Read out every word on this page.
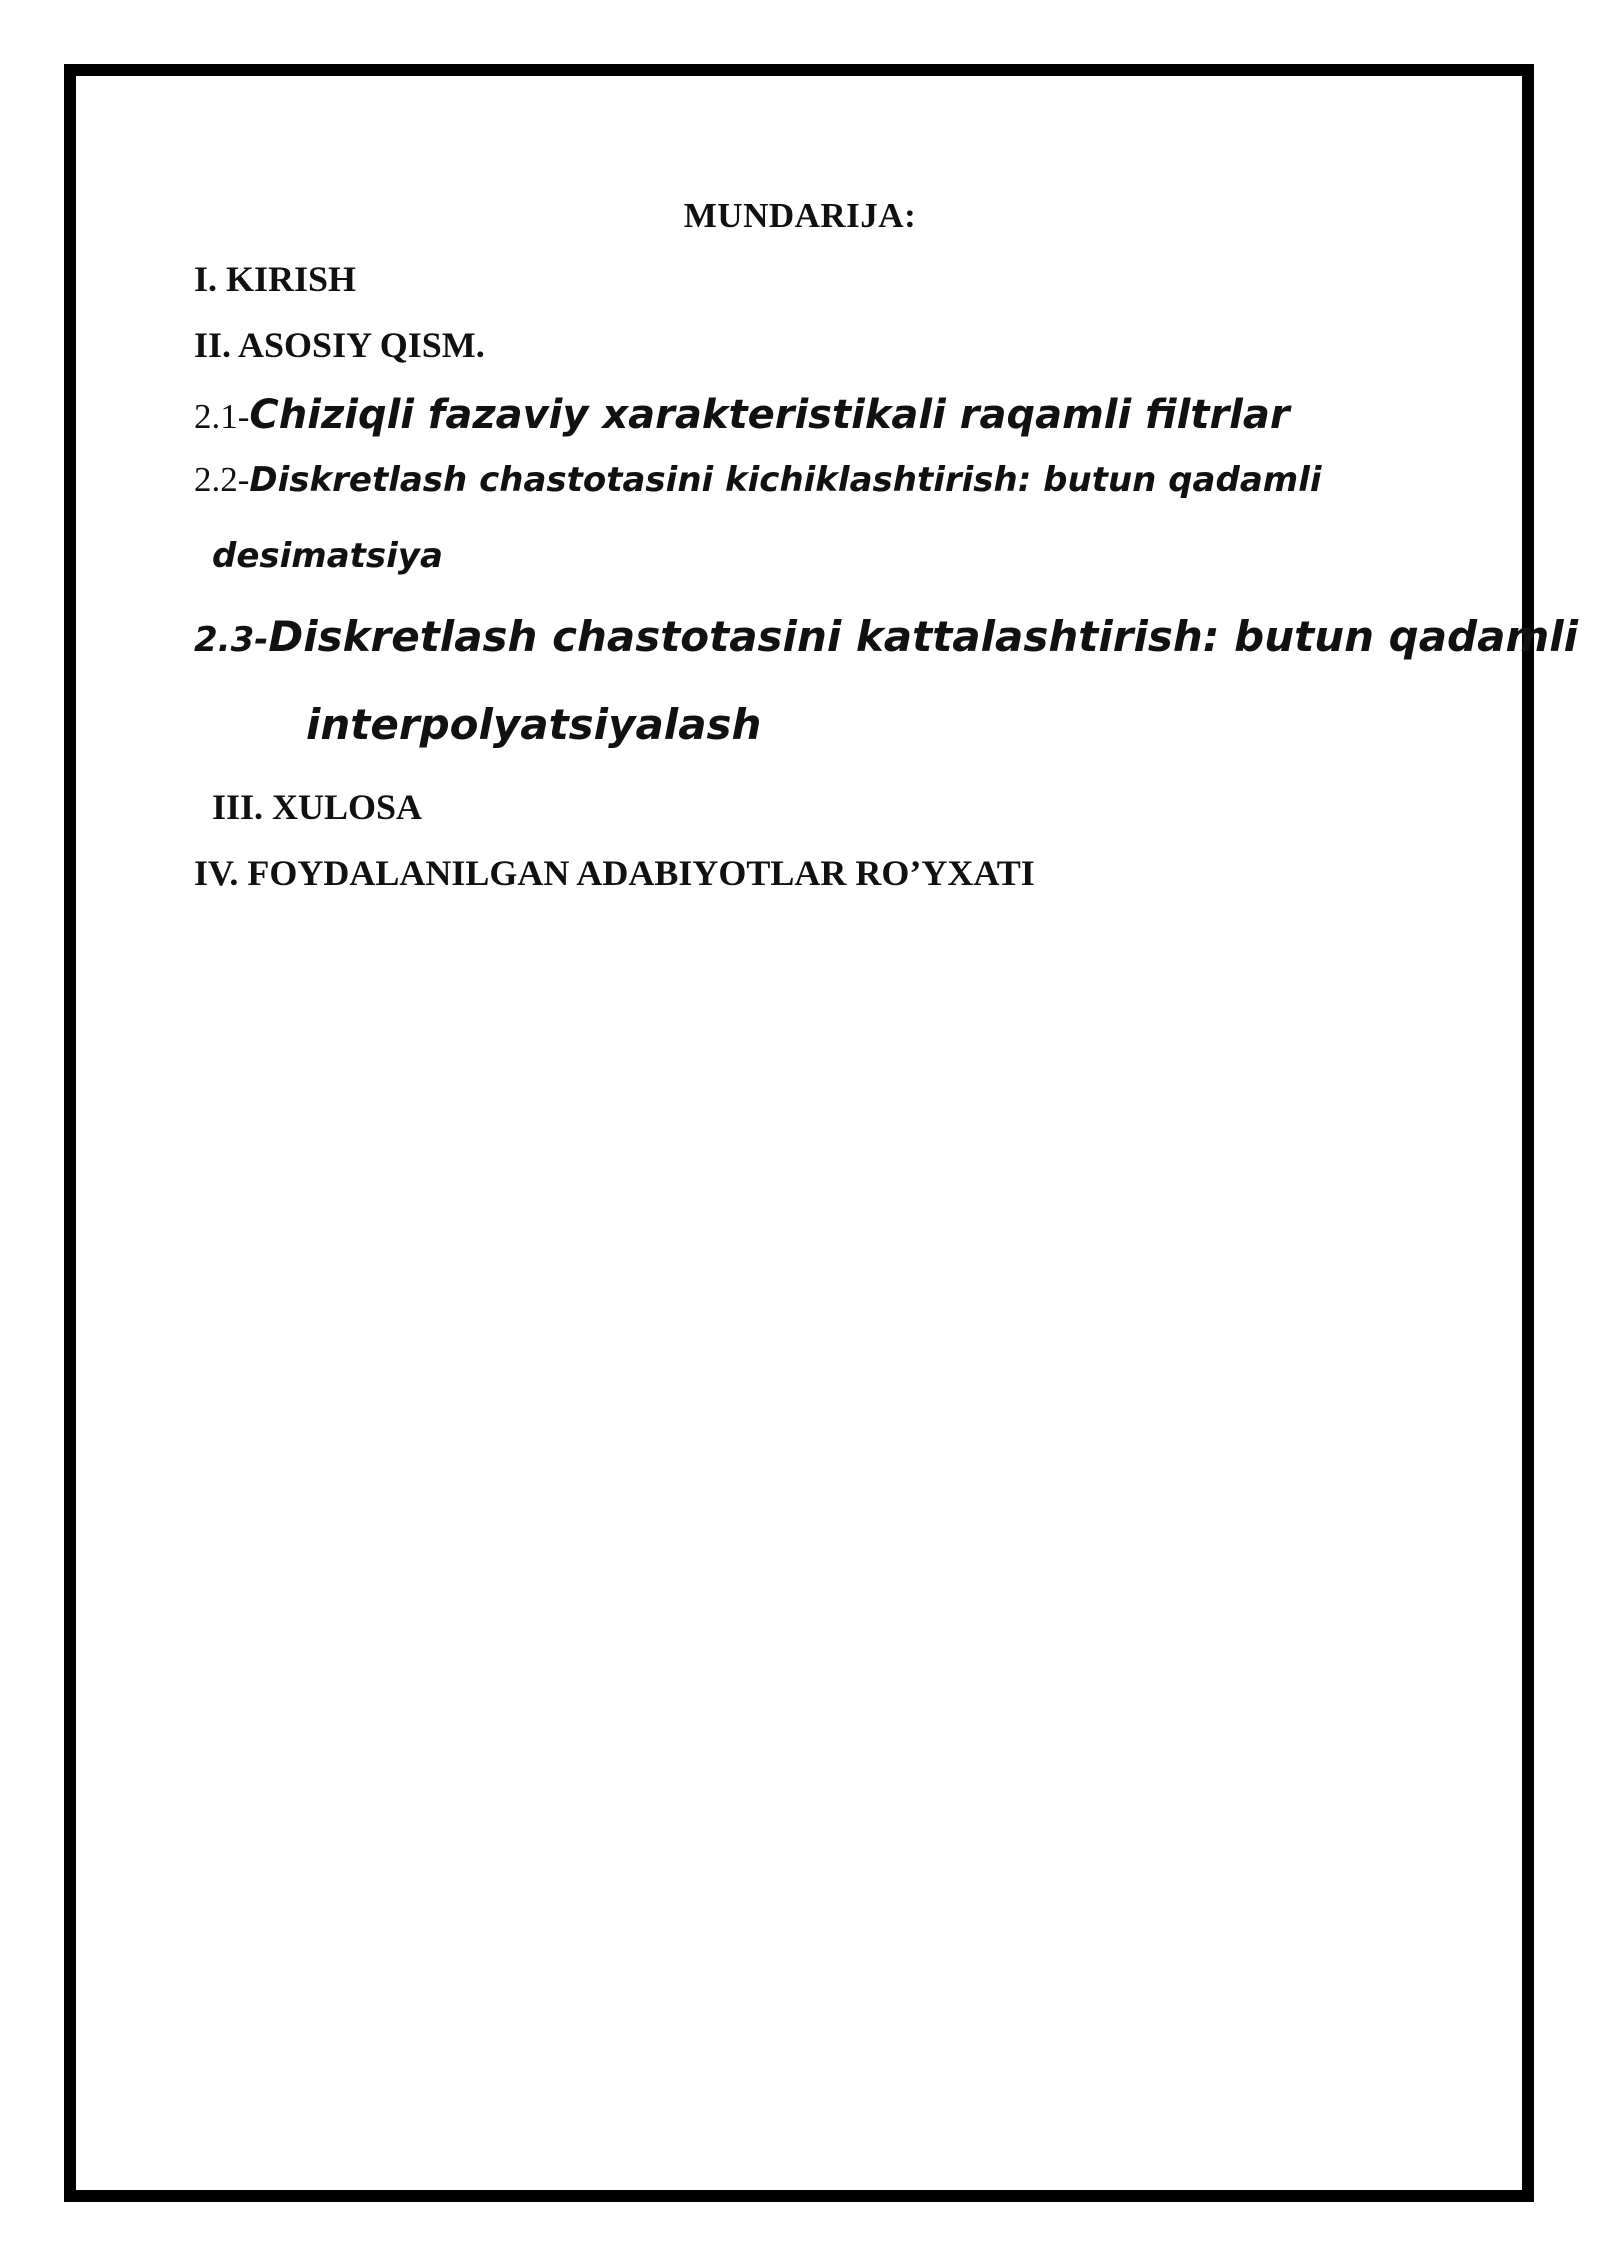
MUNDARIJA:
I. KIRISH
II. ASOSIY QISM.
2.1-Chiziqli fazaviy xarakteristikali raqamli filtrlar
2.2-Diskretlash chastotasini kichiklashtirish: butun qadamli
desimatsiya
2.3-Diskretlash chastotasini kattalashtirish: butun qadamli
interpolyatsiyalash
III. XULOSA
IV. FOYDALANILGAN ADABIYOTLAR RO’YXATI
